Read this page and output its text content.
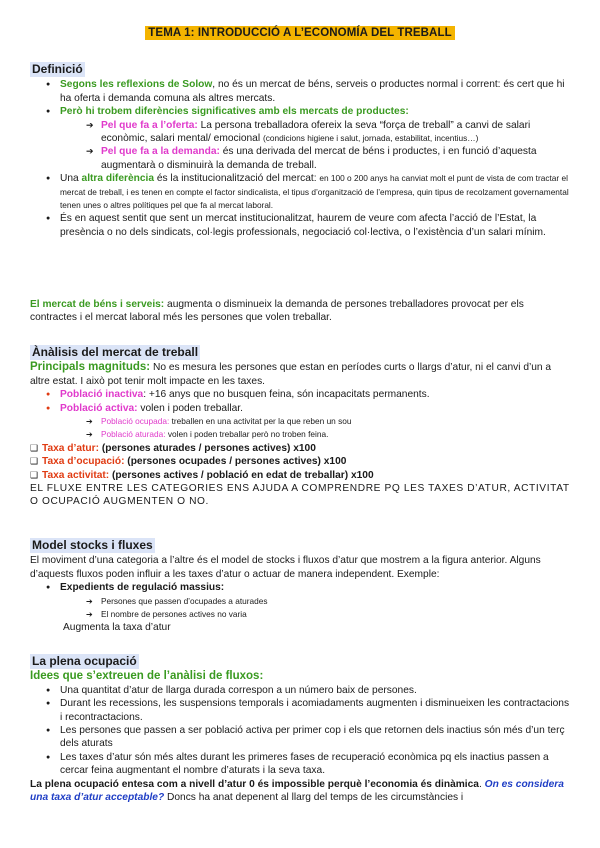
TEMA 1: INTRODUCCIÓ A L’ECONOMÍA DEL TREBALL
Definició
● Segons les reflexions de Solow, no és un mercat de béns, serveis o productes normal i corrent: és cert que hi ha oferta i demanda comuna als altres mercats.
● Però hi trobem diferències significatives amb els mercats de productes:
➔ Pel que fa a l’oferta: La persona treballadora ofereix la seva “força de treball” a canvi de salari econòmic, salari mental/ emocional (condicions higiene i salut, jornada, estabilitat, incentius…)
➔ Pel que fa a la demanda: és una derivada del mercat de béns i productes, i en funció d’aquesta augmentarà o disminuirà la demanda de treball.
● Una altra diferència és la institucionalització del mercat: en 100 o 200 anys ha canviat molt el punt de vista de com tractar el mercat de treball, i es tenen en compte el factor sindicalista, el tipus d’organització de l’empresa, quin tipus de recolzament governamental tenen unes o altres polítiques pel que fa al mercat laboral.
● És en aquest sentit que sent un mercat institucionalitzat, haurem de veure com afecta l’acció de l’Estat, la presència o no dels sindicats, col·legis professionals, negociació col·lectiva, o l’existència d’un salari mínim.

El mercat de béns i serveis: augmenta o disminueix la demanda de persones treballadores provocat per els contractes i el mercat laboral més les persones que volen treballar.

Ànàlisis del mercat de treball

Principals magnituds: No es mesura les persones que estan en períodes curts o llargs d’atur, ni el canvi d’un a altre estat. I això pot tenir molt impacte en les taxes.

● Població inactiva: +16 anys que no busquen feina, són incapacitats permanents.
● Població activa: volen i poden treballar.
➔ Població ocupada: treballen en una activitat per la que reben un sou
➔ Població aturada: volen i poden treballar però no troben feina.
❑ Taxa d’atur: (persones aturades / persones actives) x100
❑ Taxa d’ocupació: (persones ocupades / persones actives) x100
❑ Taxa activitat: (persones actives / població en edat de treballar) x100

EL FLUXE ENTRE LES CATEGORIES ENS AJUDA A COMPRENDRE PQ LES TAXES D’ATUR, ACTIVITAT O OCUPACIÓ AUGMENTEN O NO.

Model stocks i fluxes

El moviment d’una categoria a l’altre és el model de stocks i fluxos d’atur que mostrem a la figura anterior. Alguns d’aquests fluxos poden influir a les taxes d’atur o actuar de manera independent. Exemple:

● Expedients de regulació massius:
➔ Persones que passen d’ocupades a aturades
➔ El nombre de persones actives no varia

Augmenta la taxa d’atur

La plena ocupació

Idees que s’extreuen de l’anàlisi de fluxos:

● Una quantitat d’atur de llarga durada correspon a un número baix de persones.
● Durant les recessions, les suspensions temporals i acomiadaments augmenten i disminueixen les contractacions i recontractacions.
● Les persones que passen a ser població activa per primer cop i els que retornen dels inactius són més d’un terç dels aturats
● Les taxes d’atur són més altes durant les primeres fases de recuperació econòmica pq els inactius passen a cercar feina augmentant el nombre d’aturats i la seva taxa.

La plena ocupació entesa com a nivell d’atur 0 és impossible perquè l’economia és dinàmica. On es considera una taxa d’atur acceptable? Doncs ha anat depenent al llarg del temps de les circumstàncies i
